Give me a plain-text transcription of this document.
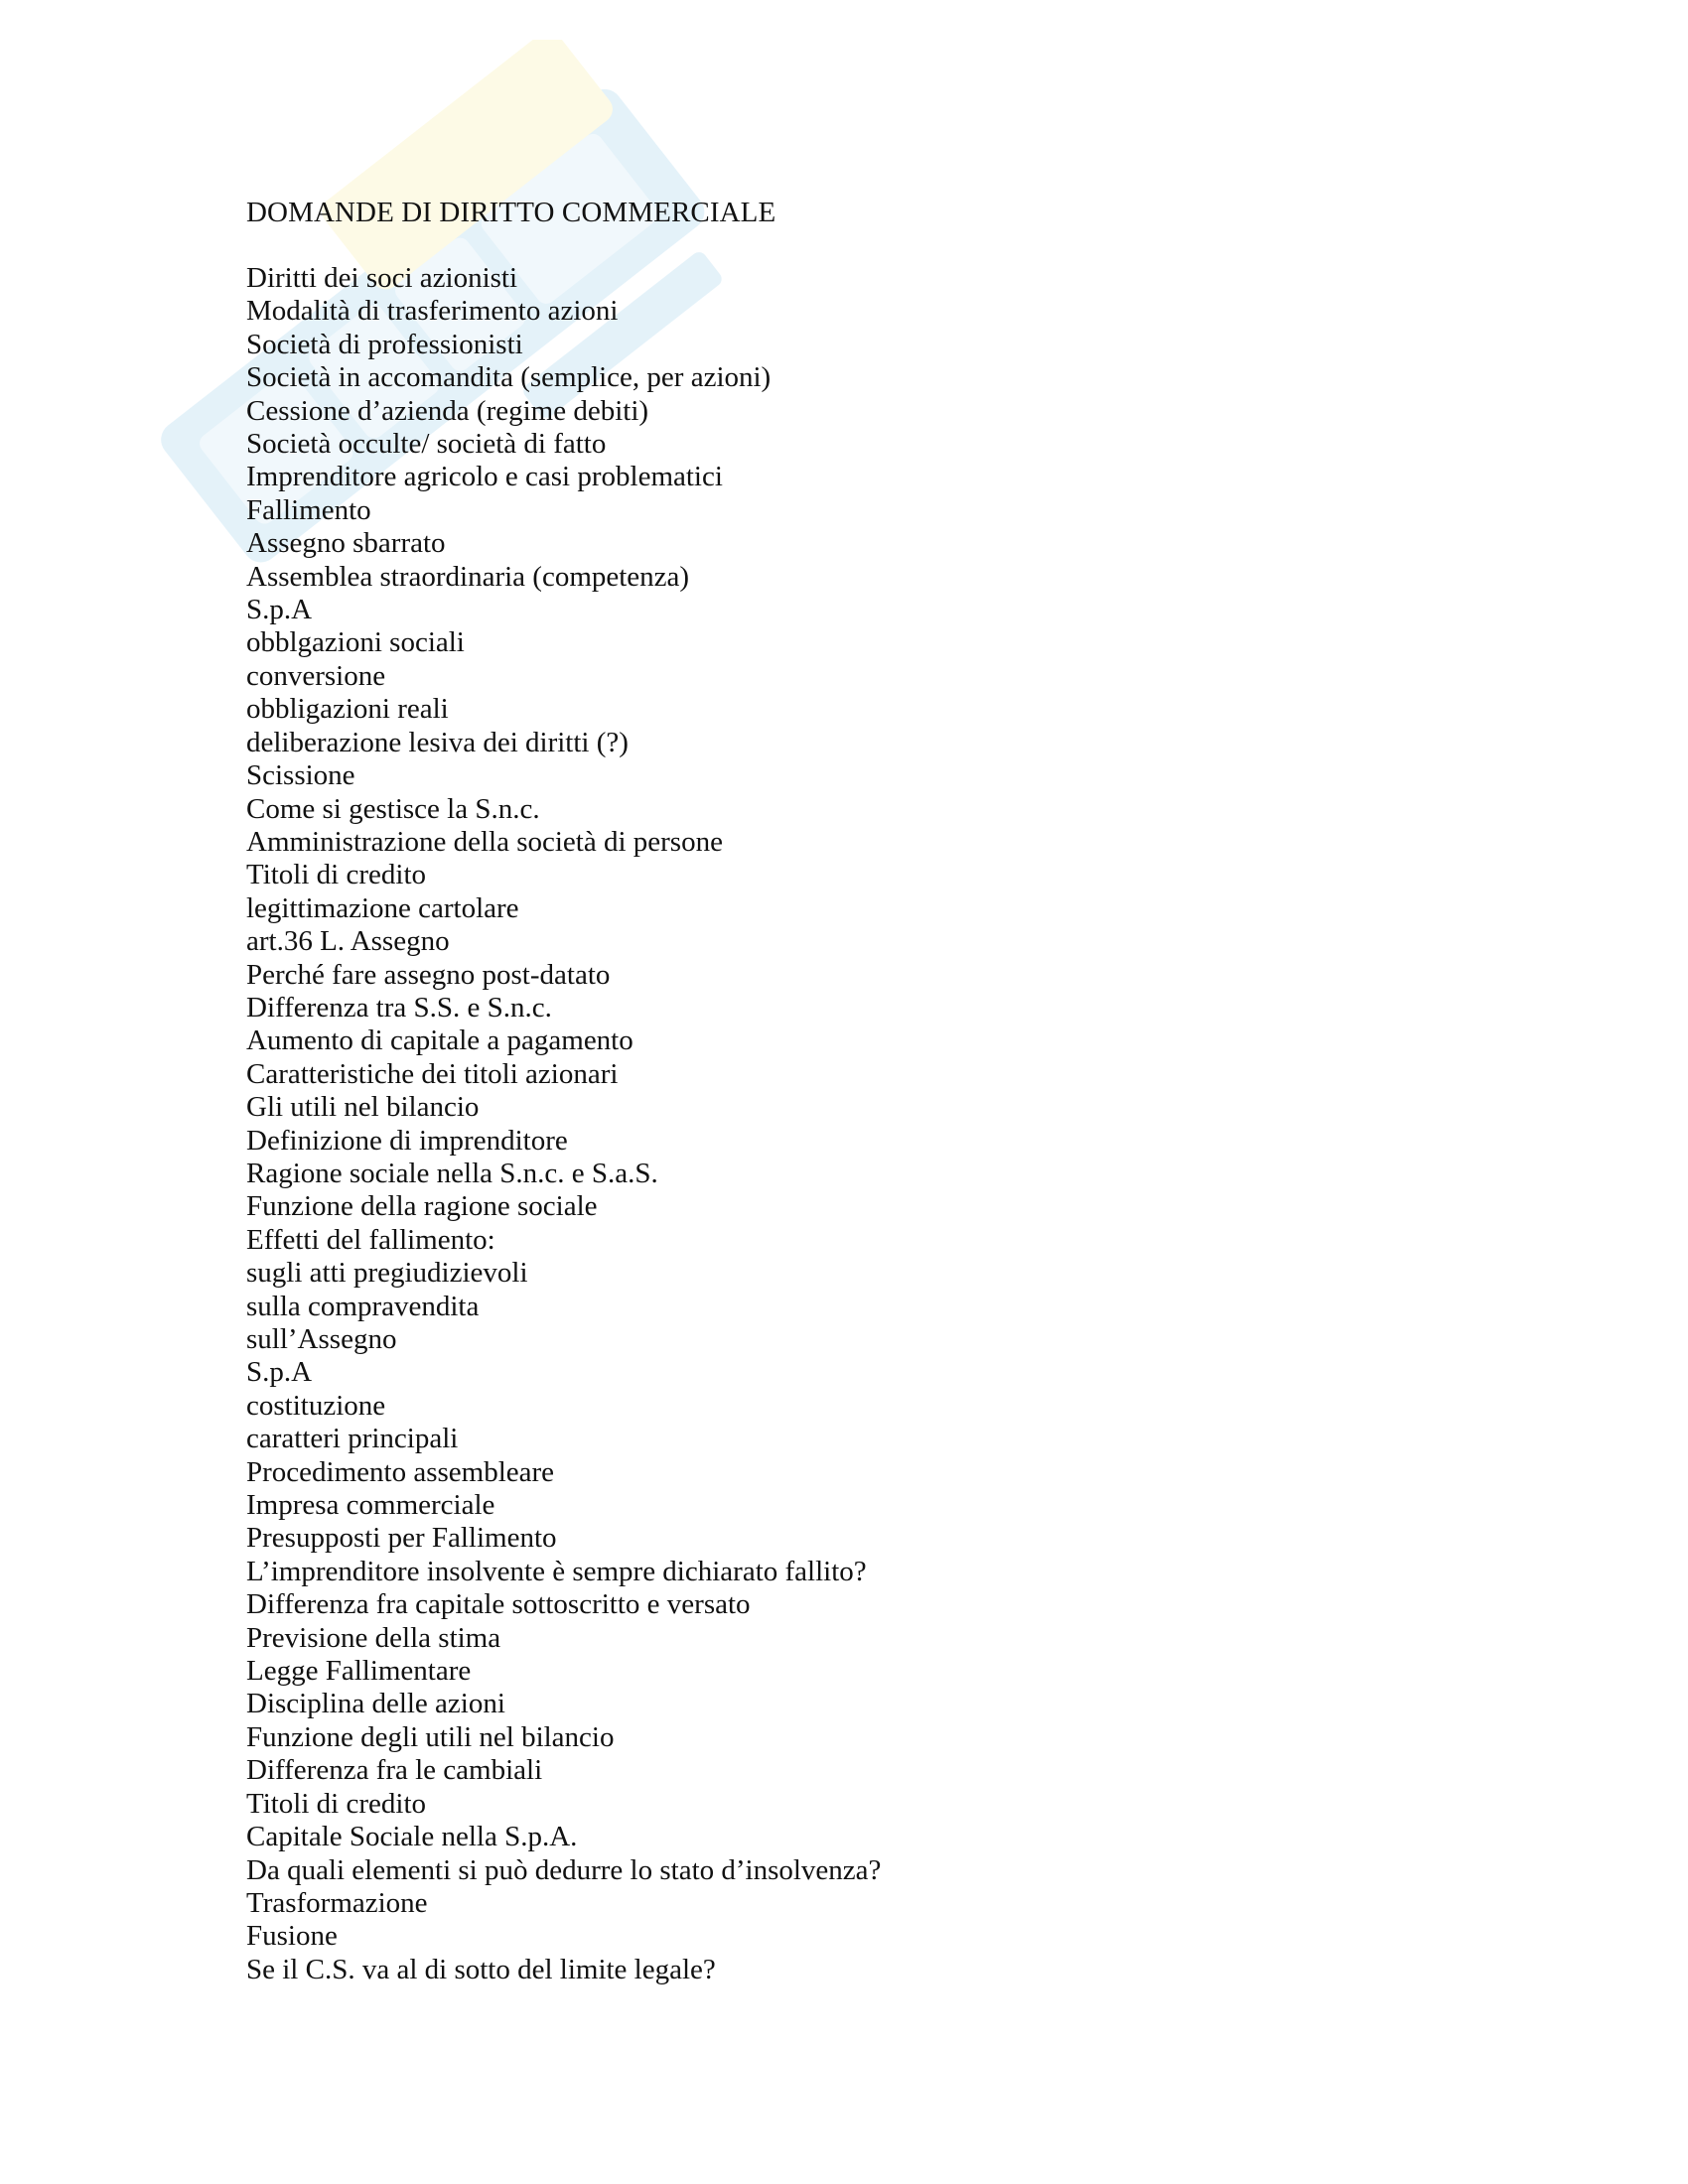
DOMANDE DI DIRITTO COMMERCIALE
Diritti dei soci azionisti
Modalità di trasferimento azioni
Società di professionisti
Società in accomandita (semplice, per azioni)
Cessione d’azienda (regime debiti)
Società occulte/ società di fatto
Imprenditore agricolo e casi problematici
Fallimento
Assegno sbarrato
Assemblea straordinaria (competenza)
S.p.A
obblgazioni sociali
conversione
obbligazioni reali
deliberazione lesiva dei diritti (?)
Scissione
Come si gestisce la S.n.c.
Amministrazione della società di persone
Titoli di credito
legittimazione cartolare
art.36 L. Assegno
Perché fare assegno post-datato
Differenza tra S.S. e S.n.c.
Aumento di capitale a pagamento
Caratteristiche dei titoli azionari
Gli utili nel bilancio
Definizione di imprenditore
Ragione sociale nella S.n.c. e S.a.S.
Funzione della ragione sociale
Effetti del fallimento:
sugli atti pregiudizievoli
sulla compravendita
sull’Assegno
S.p.A
costituzione
caratteri principali
Procedimento assembleare
Impresa commerciale
Presupposti per Fallimento
L’imprenditore insolvente è sempre dichiarato fallito?
Differenza fra capitale sottoscritto e versato
Previsione della stima
Legge Fallimentare
Disciplina delle azioni
Funzione degli utili nel bilancio
Differenza fra le cambiali
Titoli di credito
Capitale Sociale nella S.p.A.
Da quali elementi si può dedurre lo stato d’insolvenza?
Trasformazione
Fusione
Se il C.S. va al di sotto del limite legale?
